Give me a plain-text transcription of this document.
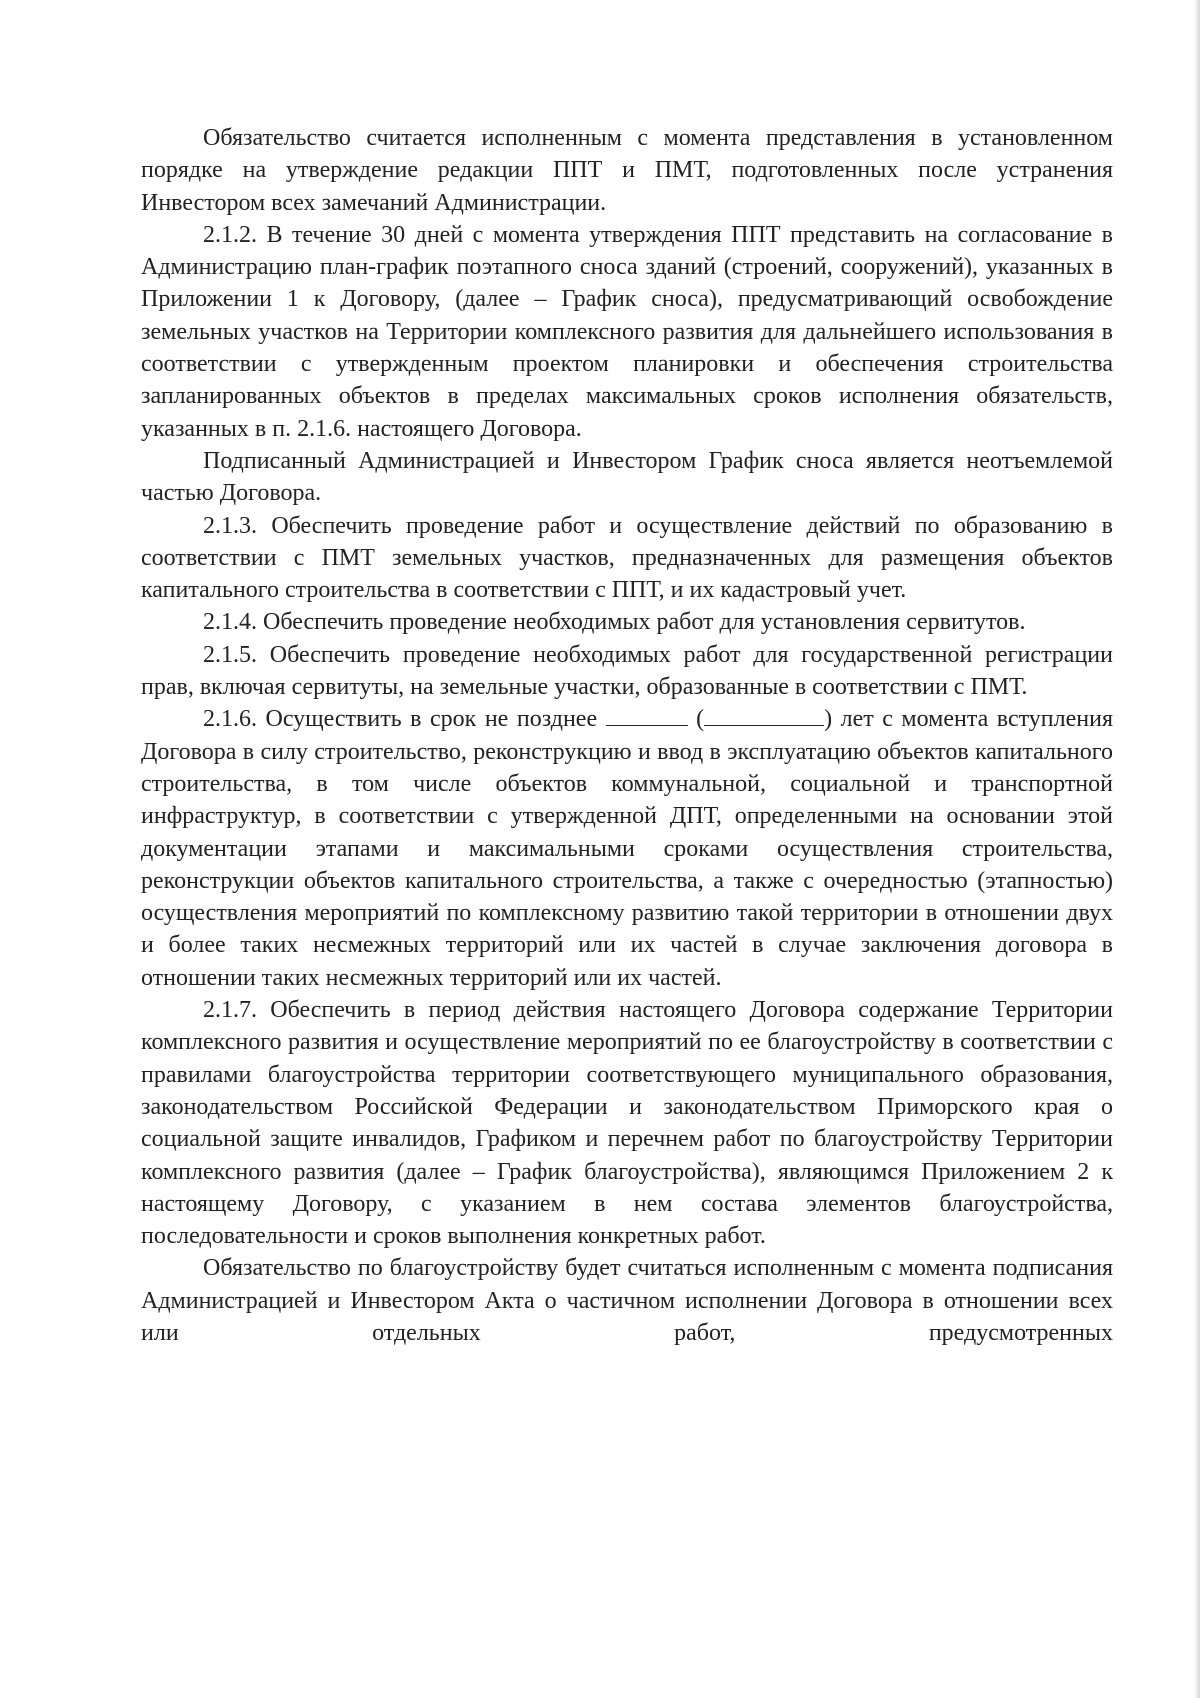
Обязательство считается исполненным с момента представления в установленном порядке на утверждение редакции ППТ и ПМТ, подготовленных после устранения Инвестором всех замечаний Администрации.

2.1.2. В течение 30 дней с момента утверждения ППТ представить на согласование в Администрацию план-график поэтапного сноса зданий (строений, сооружений), указанных в Приложении 1 к Договору, (далее – График сноса), предусматривающий освобождение земельных участков на Территории комплексного развития для дальнейшего использования в соответствии с утвержденным проектом планировки и обеспечения строительства запланированных объектов в пределах максимальных сроков исполнения обязательств, указанных в п. 2.1.6. настоящего Договора.

Подписанный Администрацией и Инвестором График сноса является неотъемлемой частью Договора.

2.1.3. Обеспечить проведение работ и осуществление действий по образованию в соответствии с ПМТ земельных участков, предназначенных для размещения объектов капитального строительства в соответствии с ППТ, и их кадастровый учет.

2.1.4. Обеспечить проведение необходимых работ для установления сервитутов.

2.1.5. Обеспечить проведение необходимых работ для государственной регистрации прав, включая сервитуты, на земельные участки, образованные в соответствии с ПМТ.

2.1.6. Осуществить в срок не позднее	(	) лет с момента вступления Договора в силу строительство, реконструкцию и ввод в эксплуатацию объектов капитального строительства, в том числе объектов коммунальной, социальной и транспортной инфраструктур, в соответствии с утвержденной ДПТ, определенными на основании этой документации этапами и максимальными сроками осуществления строительства, реконструкции объектов капитального строительства, а также с очередностью (этапностью) осуществления мероприятий по комплексному развитию такой территории в отношении двух и более таких несмежных территорий или их частей в случае заключения договора в отношении таких несмежных территорий или их частей.

2.1.7. Обеспечить в период действия настоящего Договора содержание Территории комплексного развития и осуществление мероприятий по ее благоустройству в соответствии с правилами благоустройства территории соответствующего муниципального образования, законодательством Российской Федерации и законодательством Приморского края о социальной защите инвалидов, Графиком и перечнем работ по благоустройству Территории комплексного развития (далее – График благоустройства), являющимся Приложением 2 к настоящему Договору, с указанием в нем состава элементов благоустройства, последовательности и сроков выполнения конкретных работ.

Обязательство по благоустройству будет считаться исполненным с момента подписания Администрацией и Инвестором Акта о частичном исполнении Договора в отношении всех или отдельных работ, предусмотренных
